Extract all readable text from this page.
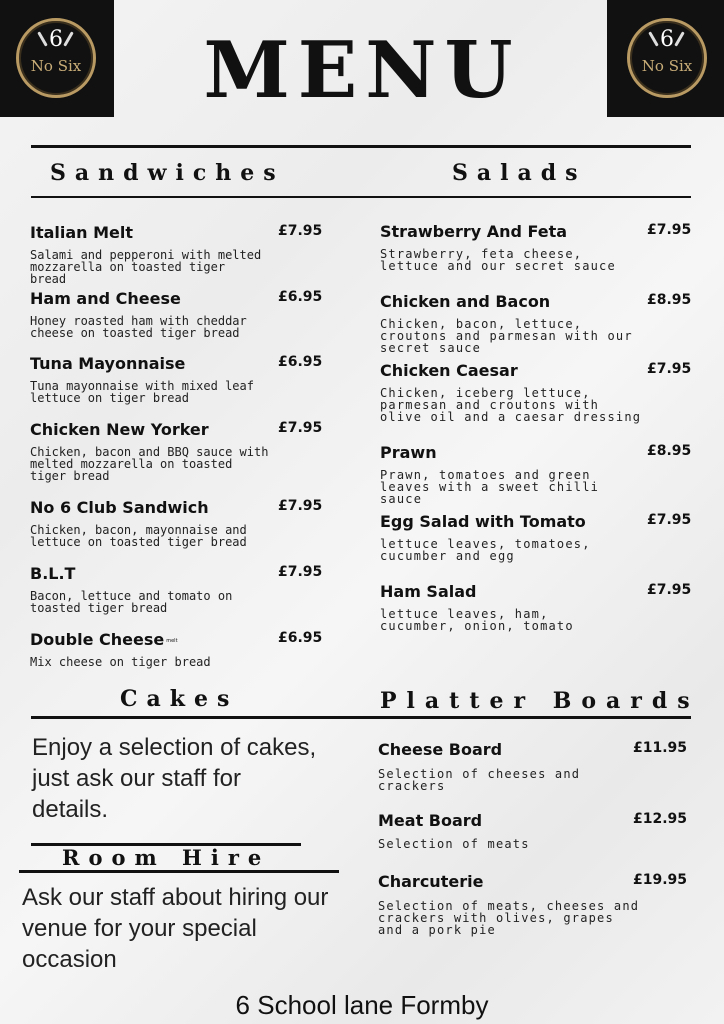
6
No Six
6
No Six
MENU
Sandwiches	Salads
Italian Melt	£7.95
Salami and pepperoni with melted mozzarella on toasted tiger bread
Ham and Cheese	£6.95
Honey roasted ham with cheddar cheese on toasted tiger bread
Tuna Mayonnaise	£6.95
Tuna mayonnaise with mixed leaf lettuce on tiger bread
Chicken New Yorker	£7.95
Chicken, bacon and BBQ sauce with melted mozzarella on toasted tiger bread
No 6 Club Sandwich	£7.95
Chicken, bacon, mayonnaise and lettuce on toasted tiger bread
B.L.T	£7.95
Bacon, lettuce and tomato on toasted tiger bread
Double Cheese melt	£6.95
Mix cheese on tiger bread
Strawberry And Feta	£7.95
Strawberry, feta cheese, lettuce and our secret sauce
Chicken and Bacon	£8.95
Chicken, bacon, lettuce, croutons and parmesan with our secret sauce
Chicken Caesar	£7.95
Chicken, iceberg lettuce, parmesan and croutons with olive oil and a caesar dressing
Prawn	£8.95
Prawn, tomatoes and green leaves with a sweet chilli sauce
Egg Salad with Tomato	£7.95
lettuce leaves, tomatoes, cucumber and egg
Ham Salad	£7.95
lettuce leaves, ham, cucumber, onion, tomato
Cakes	Platter Boards
Enjoy a selection of cakes, just ask our staff for details.
Room Hire
Ask our staff about hiring our venue for your special occasion
Cheese Board	£11.95
Selection of cheeses and crackers
Meat Board	£12.95
Selection of meats
Charcuterie	£19.95
Selection of meats, cheeses and crackers with olives, grapes and a pork pie
6 School lane Formby
